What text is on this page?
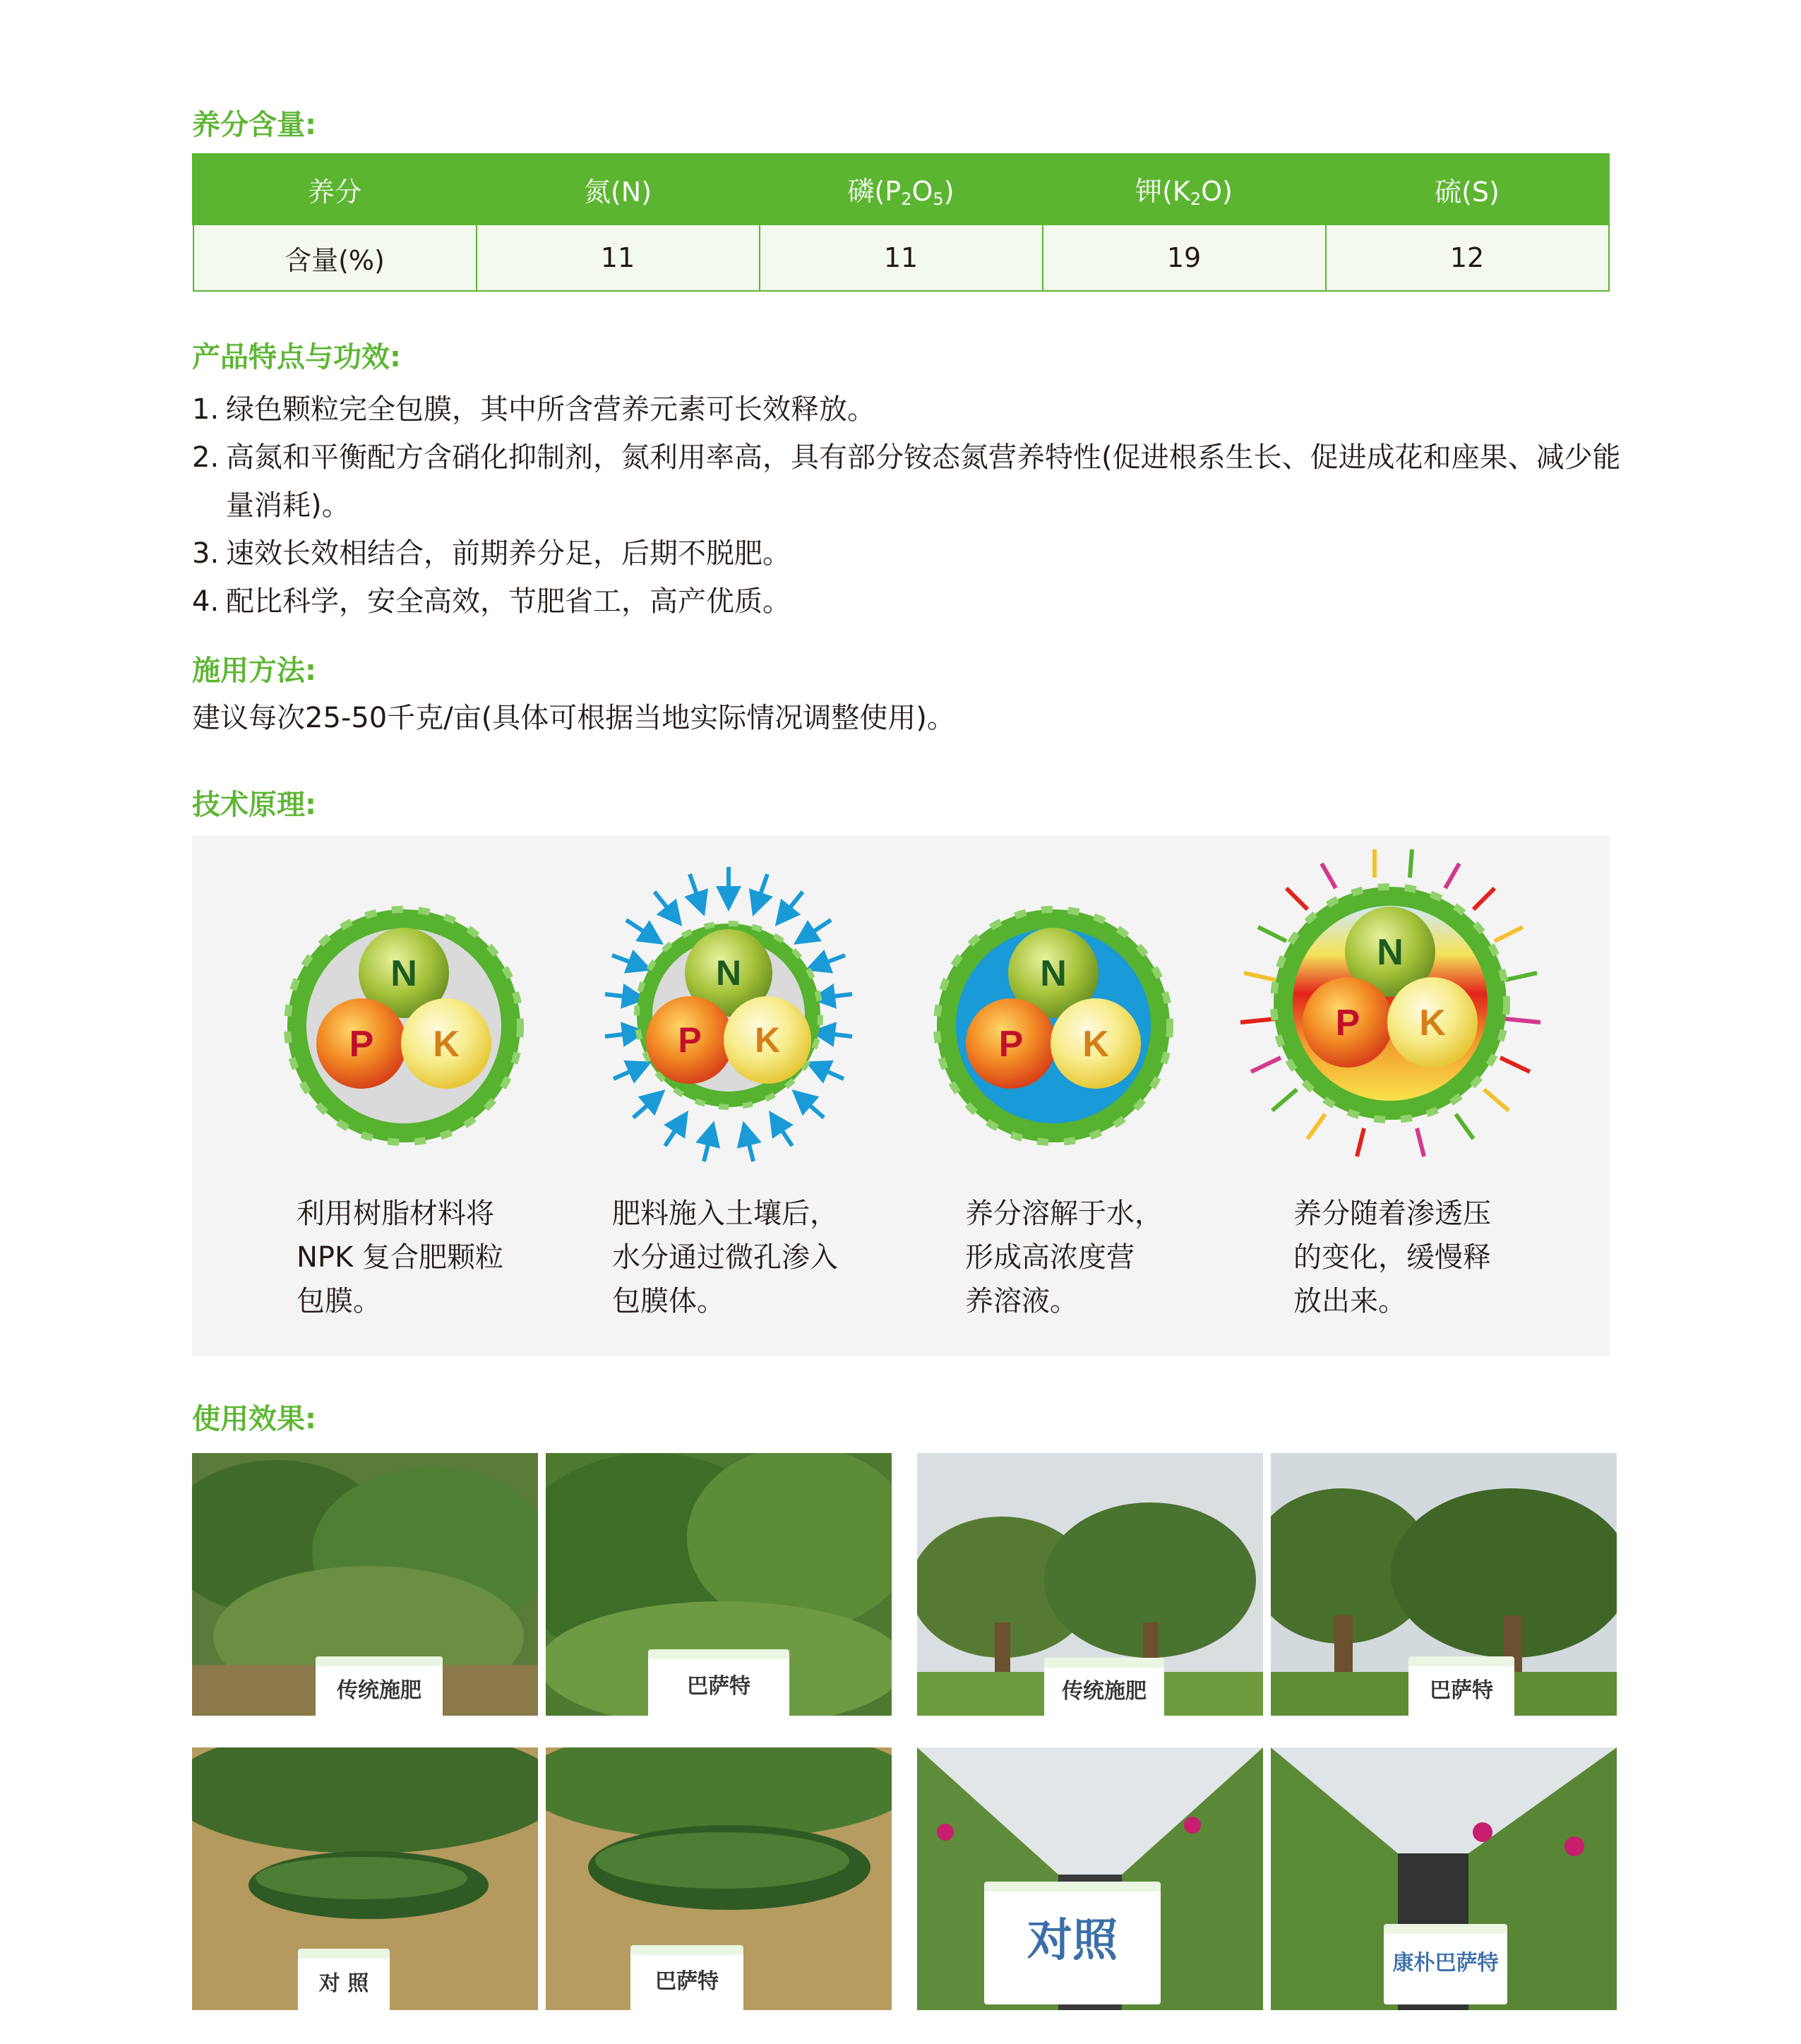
养分含量:
养分	氮(N)	磷$(P_2O_5)$	钾$(K_2O)$	硫(S)
含量(%)	11	11	19	12
产品特点与功效:
1. 绿色颗粒完全包膜，其中所含营养元素可长效释放。
2. 高氮和平衡配方含硝化抑制剂，氮利用率高，具有部分铵态氮营养特性(促进根系生长、促进成花和座果、减少能量消耗)。
3. 速效长效相结合，前期养分足，后期不脱肥。
4. 配比科学，安全高效，节肥省工，高产优质。
施用方法:

建议每次25-50千克/亩(具体可根据当地实际情况调整使用)。

技术原理:
N
P K

利用树脂材料将
NPK 复合肥颗粒
包膜。

N
P K

肥料施入土壤后，
水分通过微孔渗入
包膜体。

N
P K

养分溶解于水，
形成高浓度营
养溶液。

N
P K

养分随着渗透压
的变化，缓慢释
放出来。

使用效果:
传统施肥	巴萨特	传统施肥	巴萨特
对 照	巴萨特
对照	康朴巴萨特
